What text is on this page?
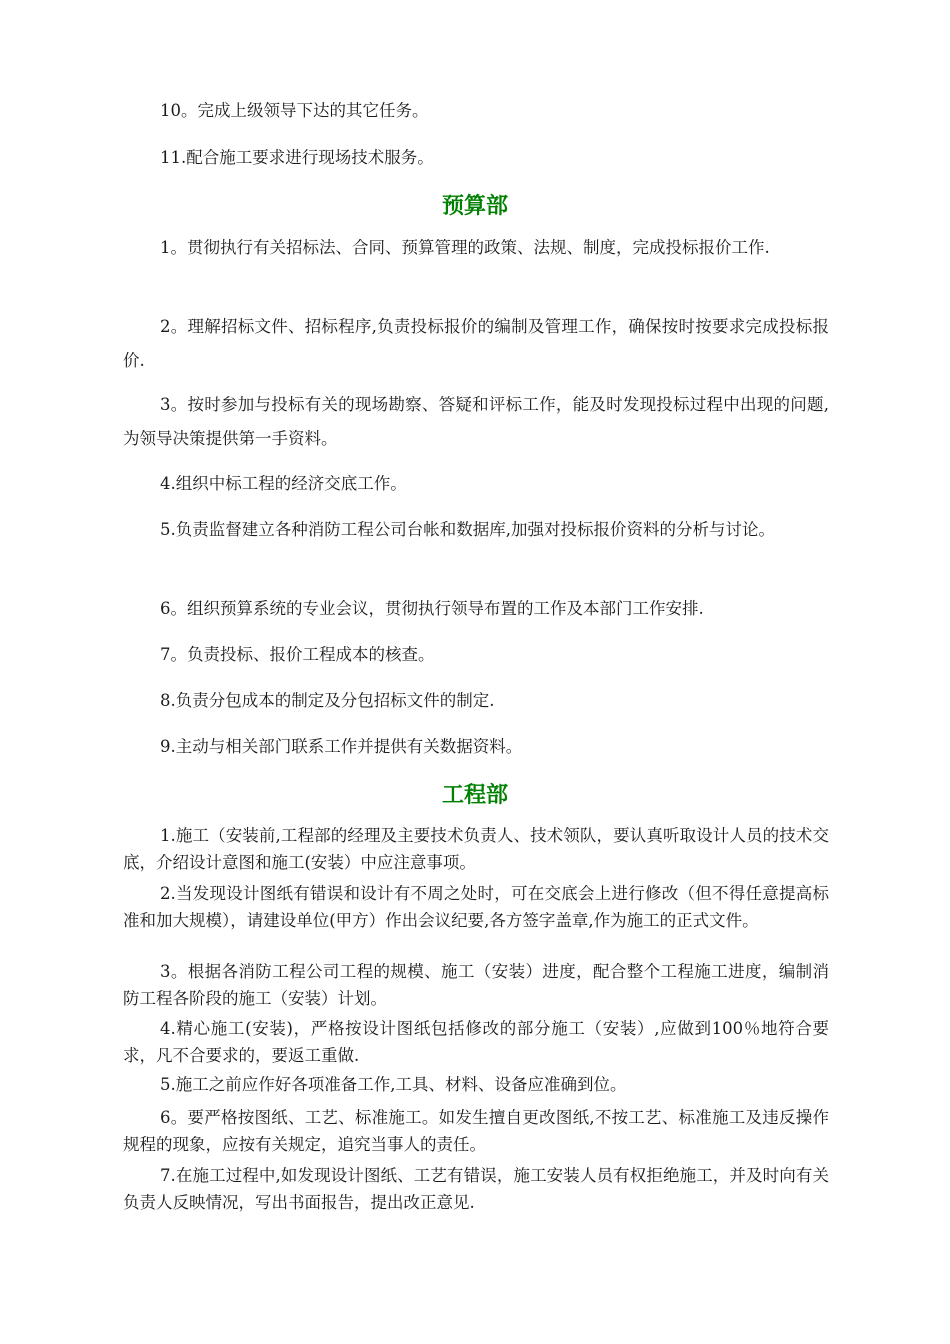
10。完成上级领导下达的其它任务。

11.配合施工要求进行现场技术服务。

预算部

1。贯彻执行有关招标法、合同、预算管理的政策、法规、制度，完成投标报价工作.

2。理解招标文件、招标程序,负责投标报价的编制及管理工作，确保按时按要求完成投标报价.

3。按时参加与投标有关的现场勘察、答疑和评标工作，能及时发现投标过程中出现的问题,为领导决策提供第一手资料。

4.组织中标工程的经济交底工作。

5.负责监督建立各种消防工程公司台帐和数据库,加强对投标报价资料的分析与讨论。

6。组织预算系统的专业会议，贯彻执行领导布置的工作及本部门工作安排.

7。负责投标、报价工程成本的核查。

8.负责分包成本的制定及分包招标文件的制定.

9.主动与相关部门联系工作并提供有关数据资料。

工程部

1.施工（安装前,工程部的经理及主要技术负责人、技术领队，要认真听取设计人员的技术交底，介绍设计意图和施工(安装）中应注意事项。

2.当发现设计图纸有错误和设计有不周之处时，可在交底会上进行修改（但不得任意提高标准和加大规模），请建设单位(甲方）作出会议纪要,各方签字盖章,作为施工的正式文件。

3。根据各消防工程公司工程的规模、施工（安装）进度，配合整个工程施工进度，编制消防工程各阶段的施工（安装）计划。

4.精心施工(安装)，严格按设计图纸包括修改的部分施工（安装）,应做到100％地符合要求，凡不合要求的，要返工重做.

5.施工之前应作好各项准备工作,工具、材料、设备应准确到位。

6。要严格按图纸、工艺、标准施工。如发生擅自更改图纸,不按工艺、标准施工及违反操作规程的现象，应按有关规定，追究当事人的责任。

7.在施工过程中,如发现设计图纸、工艺有错误，施工安装人员有权拒绝施工，并及时向有关负责人反映情况，写出书面报告，提出改正意见.
